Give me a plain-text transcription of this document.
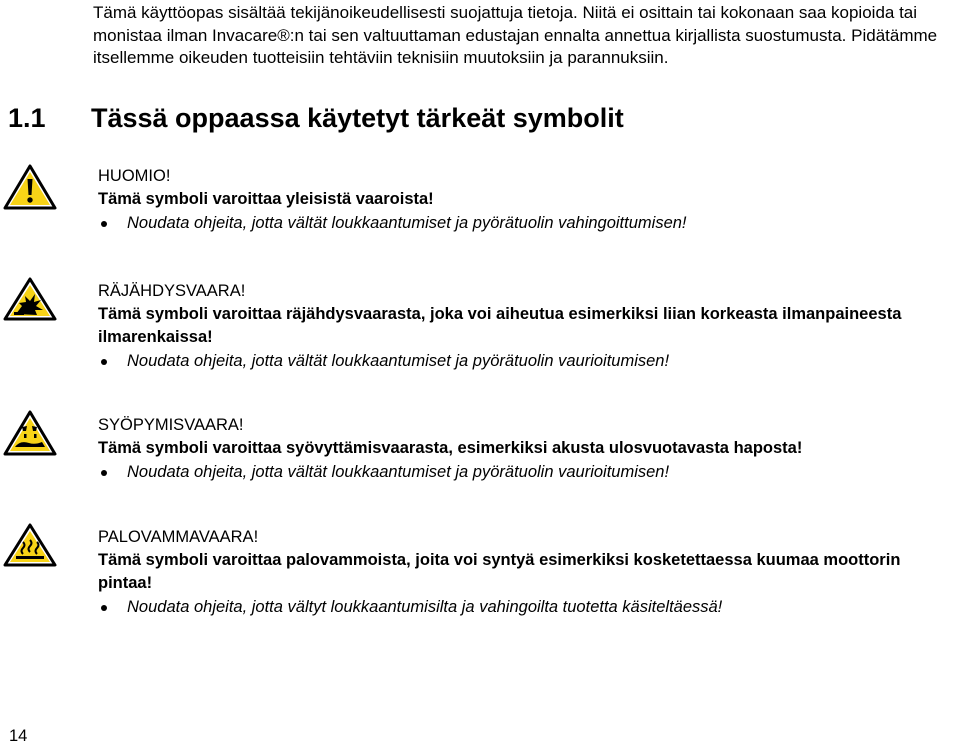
Tämä käyttöopas sisältää tekijänoikeudellisesti suojattuja tietoja. Niitä ei osittain tai kokonaan saa kopioida tai monistaa ilman Invacare®:n tai sen valtuuttaman edustajan ennalta annettua kirjallista suostumusta. Pidätämme itsellemme oikeuden tuotteisiin tehtäviin teknisiin muutoksiin ja parannuksiin.

1.1 Tässä oppaassa käytetyt tärkeät symbolit

HUOMIO!

Tämä symboli varoittaa yleisistä vaaroista!

Noudata ohjeita, jotta vältät loukkaantumiset ja pyörätuolin vahingoittumisen!

RÄJÄHDYSVAARA!

Tämä symboli varoittaa räjähdysvaarasta, joka voi aiheutua esimerkiksi liian korkeasta ilmanpaineesta ilmarenkaissa!

Noudata ohjeita, jotta vältät loukkaantumiset ja pyörätuolin vaurioitumisen!

SYÖPYMISVAARA!

Tämä symboli varoittaa syövyttämisvaarasta, esimerkiksi akusta ulosvuotavasta haposta!

Noudata ohjeita, jotta vältät loukkaantumiset ja pyörätuolin vaurioitumisen!

PALOVAMMAVAARA!

Tämä symboli varoittaa palovammoista, joita voi syntyä esimerkiksi kosketettaessa kuumaa moottorin pintaa!

Noudata ohjeita, jotta vältyt loukkaantumisilta ja vahingoilta tuotetta käsiteltäessä!

14
